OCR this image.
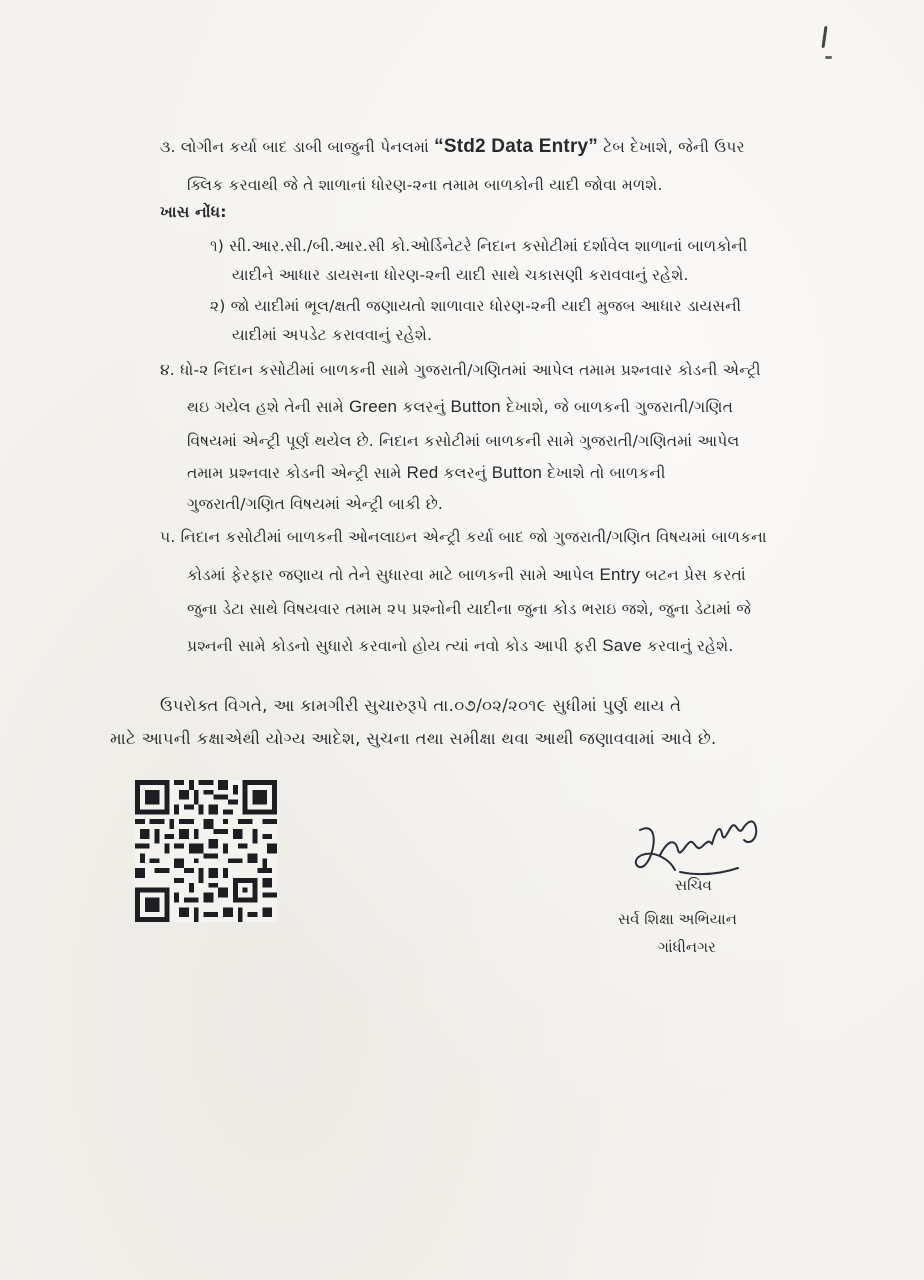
૩. લોગીન કર્યા બાદ ડાબી બાજુની પેનલમાં “Std2 Data Entry” ટેબ દેખાશે, જેની ઉપર
ક્લિક કરવાથી જે તે શાળાનાં ધોરણ-૨ના તમામ બાળકોની યાદી જોવા મળશે.
ખાસ નોંધ:
૧) સી.આર.સી./બી.આર.સી કો.ઓર્ડિનેટરે નિદાન કસોટીમાં દર્શાવેલ શાળાનાં બાળકોની
યાદીને આધાર ડાયસના ધોરણ-૨ની યાદી સાથે ચકાસણી કરાવવાનું રહેશે.
૨) જો યાદીમાં ભૂલ/ક્ષતી જણાયતો શાળાવાર ધોરણ-૨ની યાદી મુજબ આધાર ડાયસની
યાદીમાં અપડેટ કરાવવાનું રહેશે.
૪. ધો-૨ નિદાન કસોટીમાં બાળકની સામે ગુજરાતી/ગણિતમાં આપેલ તમામ પ્રશ્નવાર કોડની એન્ટ્રી
થઇ ગયેલ હશે તેની સામે Green કલરનું Button દેખાશે, જે બાળકની ગુજરાતી/ગણિત
વિષયમાં એન્ટ્રી પૂર્ણ થયેલ છે. નિદાન કસોટીમાં બાળકની સામે ગુજરાતી/ગણિતમાં આપેલ
તમામ પ્રશ્નવાર કોડની એન્ટ્રી સામે Red કલરનું Button દેખાશે તો બાળકની
ગુજરાતી/ગણિત વિષયમાં એન્ટ્રી બાકી છે.
૫. નિદાન કસોટીમાં બાળકની ઓનલાઇન એન્ટ્રી કર્યા બાદ જો ગુજરાતી/ગણિત વિષયમાં બાળકના
કોડમાં ફેરફાર જણાય તો તેને સુધારવા માટે બાળકની સામે આપેલ Entry બટન પ્રેસ કરતાં
જુના ડેટા સાથે વિષયવાર તમામ ૨૫ પ્રશ્નોની યાદીના જુના કોડ ભરાઇ જશે, જુના ડેટામાં જે
પ્રશ્નની સામે કોડનો સુધારો કરવાનો હોય ત્યાં નવો કોડ આપી ફરી Save કરવાનું રહેશે.
ઉપરોક્ત વિગતે, આ કામગીરી સુચારુરૂપે તા.૦૭/૦૨/૨૦૧૯ સુધીમાં પુર્ણ થાય તે
માટે આપની કક્ષાએથી યોગ્ય આદેશ, સુચના તથા સમીક્ષા થવા આથી જણાવવામાં આવે છે.
સચિવ
સર્વ શિક્ષા અભિયાન
ગાંધીનગર
